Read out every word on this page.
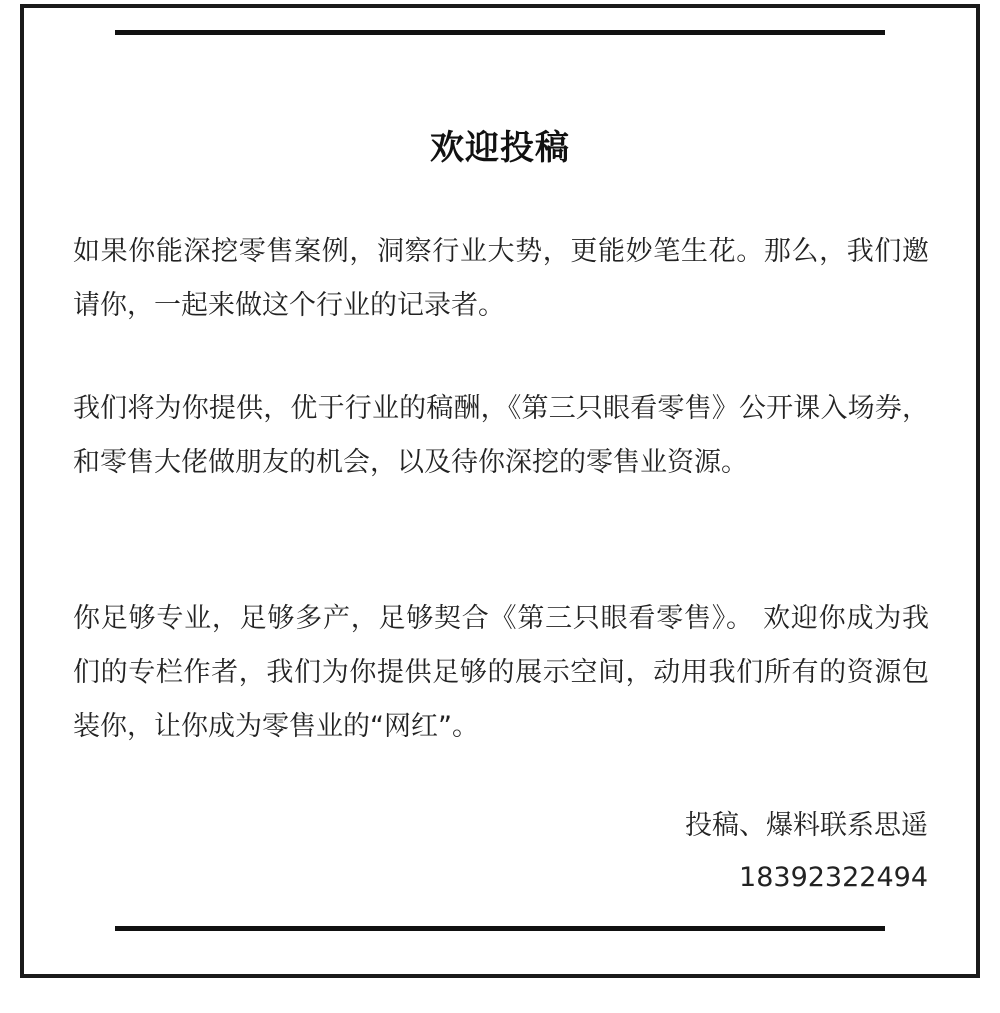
欢迎投稿

如果你能深挖零售案例，洞察行业大势，更能妙笔生花。那么，我们邀请你，一起来做这个行业的记录者。

我们将为你提供，优于行业的稿酬，《第三只眼看零售》公开课入场券，和零售大佬做朋友的机会，以及待你深挖的零售业资源。

你足够专业，足够多产，足够契合《第三只眼看零售》。 欢迎你成为我们的专栏作者，我们为你提供足够的展示空间，动用我们所有的资源包装你，让你成为零售业的“网红”。

投稿、爆料联系思遥
18392322494
